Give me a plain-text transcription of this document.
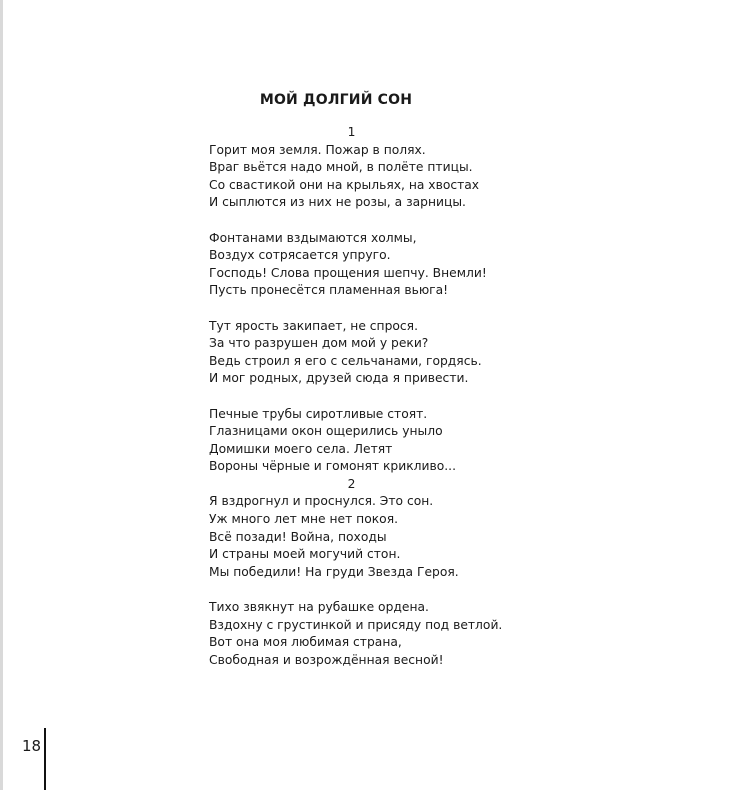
МОЙ ДОЛГИЙ СОН
1
Горит моя земля. Пожар в полях.
Враг вьётся надо мной, в полёте птицы.
Со свастикой они на крыльях, на хвостах
И сыплются из них не розы, а зарницы.
Фонтанами вздымаются холмы,
Воздух сотрясается упруго.
Господь! Слова прощения шепчу. Внемли!
Пусть пронесётся пламенная вьюга!
Тут ярость закипает, не спрося.
За что разрушен дом мой у реки?
Ведь строил я его с сельчанами, гордясь.
И мог родных, друзей сюда я привести.
Печные трубы сиротливые стоят.
Глазницами окон ощерились уныло
Домишки моего села. Летят
Вороны чёрные и гомонят крикливо...
2
Я вздрогнул и проснулся. Это сон.
Уж много лет мне нет покоя.
Всё позади! Война, походы
И страны моей могучий стон.
Мы победили! На груди Звезда Героя.
Тихо звякнут на рубашке ордена.
Вздохну с грустинкой и присяду под ветлой.
Вот она моя любимая страна,
Свободная и возрождённая весной!
18
